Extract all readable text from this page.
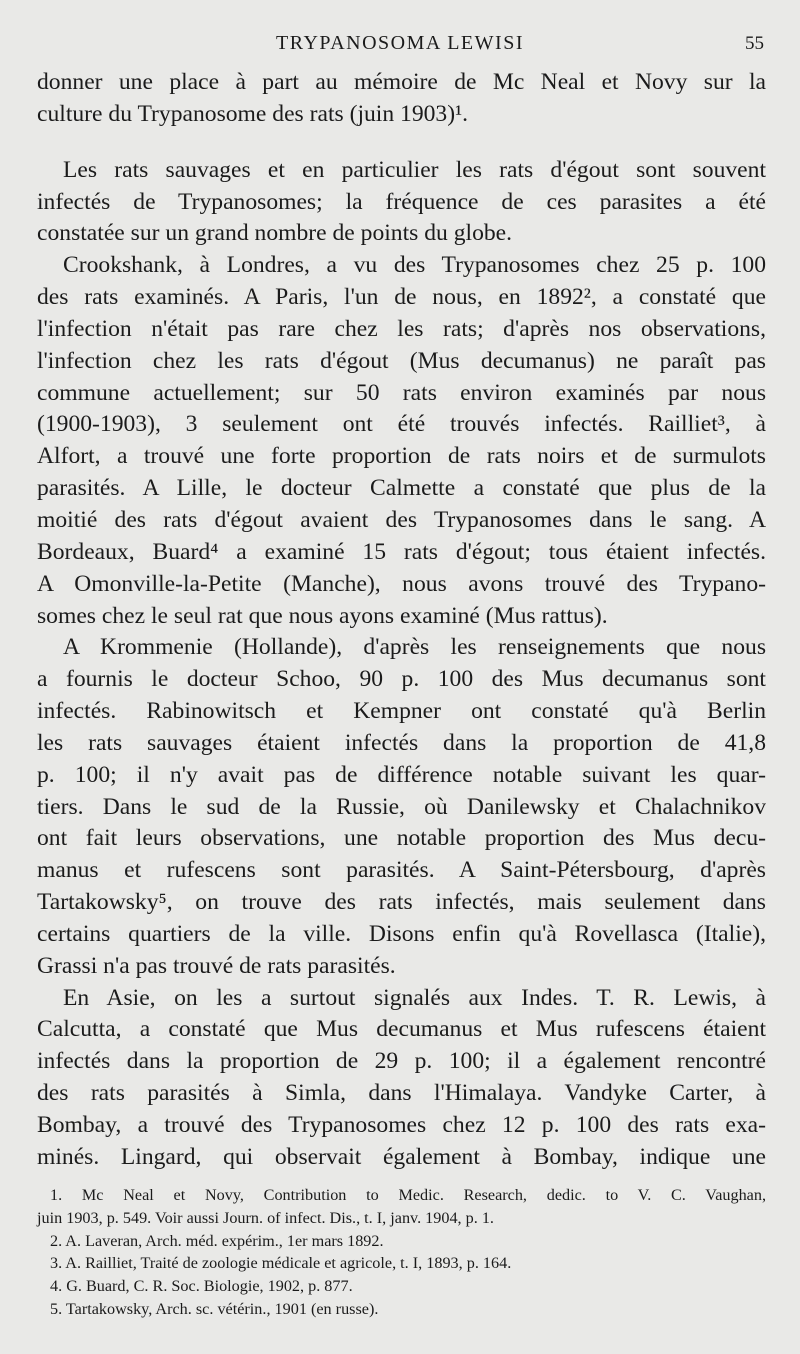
TRYPANOSOMA LEWISI	55
donner une place à part au mémoire de Mc Neal et Novy sur la
culture du Trypanosome des rats (juin 1903)¹.
Les rats sauvages et en particulier les rats d'égout sont souvent
infectés de Trypanosomes; la fréquence de ces parasites a été
constatée sur un grand nombre de points du globe.
Crookshank, à Londres, a vu des Trypanosomes chez 25 p. 100
des rats examinés. A Paris, l'un de nous, en 1892², a constaté que
l'infection n'était pas rare chez les rats; d'après nos observations,
l'infection chez les rats d'égout (Mus decumanus) ne paraît pas
commune actuellement; sur 50 rats environ examinés par nous
(1900-1903), 3 seulement ont été trouvés infectés. Railliet³, à
Alfort, a trouvé une forte proportion de rats noirs et de surmulots
parasités. A Lille, le docteur Calmette a constaté que plus de la
moitié des rats d'égout avaient des Trypanosomes dans le sang. A
Bordeaux, Buard⁴ a examiné 15 rats d'égout; tous étaient infectés.
A Omonville-la-Petite (Manche), nous avons trouvé des Trypano-
somes chez le seul rat que nous ayons examiné (Mus rattus).
A Krommenie (Hollande), d'après les renseignements que nous
a fournis le docteur Schoo, 90 p. 100 des Mus decumanus sont
infectés. Rabinowitsch et Kempner ont constaté qu'à Berlin
les rats sauvages étaient infectés dans la proportion de 41,8
p. 100; il n'y avait pas de différence notable suivant les quar-
tiers. Dans le sud de la Russie, où Danilewsky et Chalachnikov
ont fait leurs observations, une notable proportion des Mus decu-
manus et rufescens sont parasités. A Saint-Pétersbourg, d'après
Tartakowsky⁵, on trouve des rats infectés, mais seulement dans
certains quartiers de la ville. Disons enfin qu'à Rovellasca (Italie),
Grassi n'a pas trouvé de rats parasités.
En Asie, on les a surtout signalés aux Indes. T. R. Lewis, à
Calcutta, a constaté que Mus decumanus et Mus rufescens étaient
infectés dans la proportion de 29 p. 100; il a également rencontré
des rats parasités à Simla, dans l'Himalaya. Vandyke Carter, à
Bombay, a trouvé des Trypanosomes chez 12 p. 100 des rats exa-
minés. Lingard, qui observait également à Bombay, indique une
1. Mc Neal et Novy, Contribution to Medic. Research, dedic. to V. C. Vaughan,
juin 1903, p. 549. Voir aussi Journ. of infect. Dis., t. I, janv. 1904, p. 1.
2. A. Laveran, Arch. méd. expérim., 1er mars 1892.
3. A. Railliet, Traité de zoologie médicale et agricole, t. I, 1893, p. 164.
4. G. Buard, C. R. Soc. Biologie, 1902, p. 877.
5. Tartakowsky, Arch. sc. vétérin., 1901 (en russe).
